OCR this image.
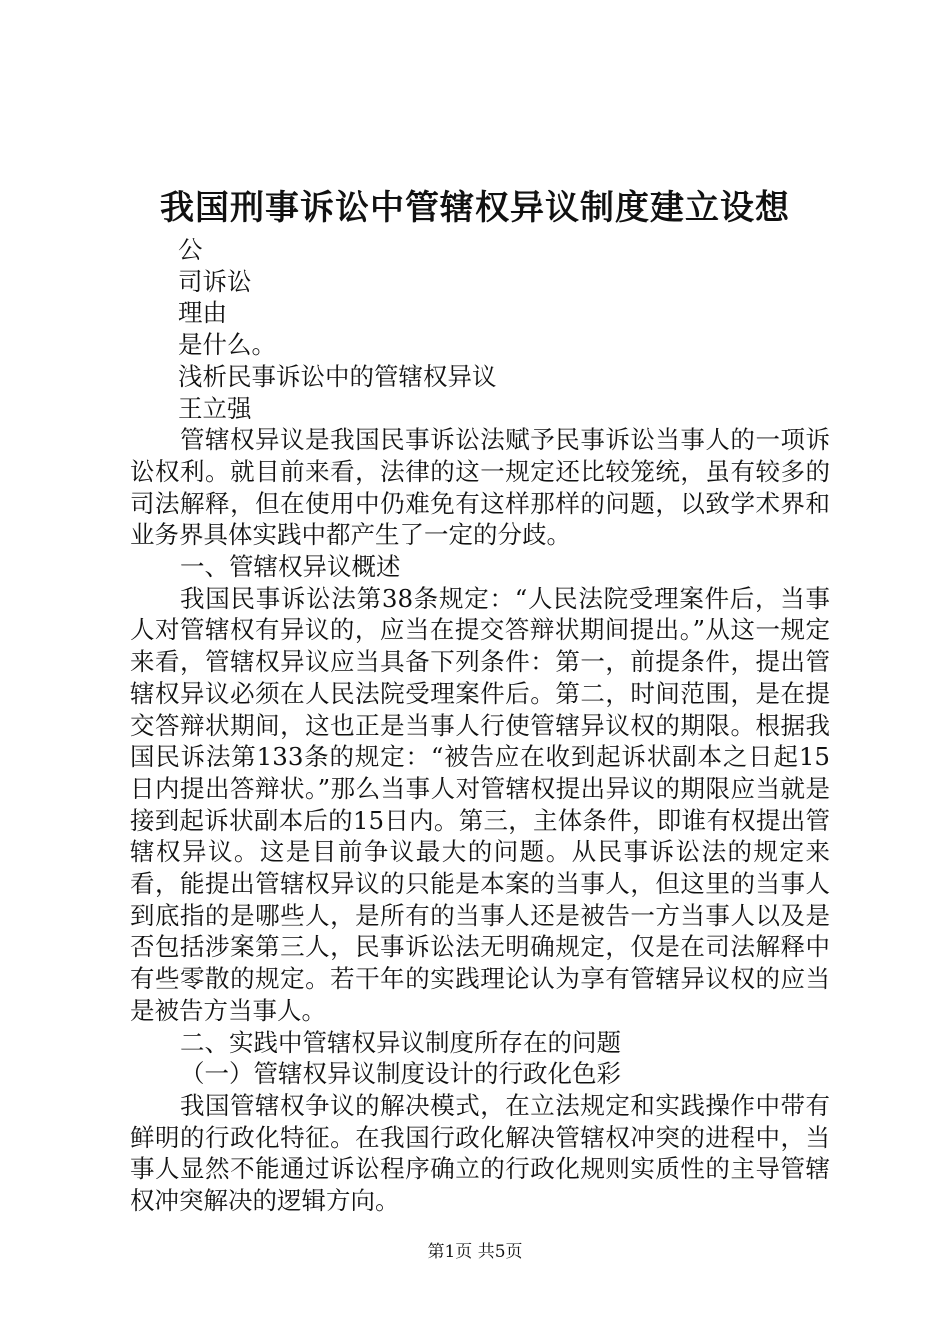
我国刑事诉讼中管辖权异议制度建立设想

公

司诉讼

理由

是什么。

浅析民事诉讼中的管辖权异议

王立强

管辖权异议是我国民事诉讼法赋予民事诉讼当事人的一项诉讼权利。就目前来看，法律的这一规定还比较笼统，虽有较多的司法解释，但在使用中仍难免有这样那样的问题，以致学术界和业务界具体实践中都产生了一定的分歧。

一、管辖权异议概述

我国民事诉讼法第38条规定：“人民法院受理案件后，当事人对管辖权有异议的，应当在提交答辩状期间提出。”从这一规定来看，管辖权异议应当具备下列条件：第一，前提条件，提出管辖权异议必须在人民法院受理案件后。第二，时间范围，是在提交答辩状期间，这也正是当事人行使管辖异议权的期限。根据我国民诉法第133条的规定：“被告应在收到起诉状副本之日起15日内提出答辩状。”那么当事人对管辖权提出异议的期限应当就是接到起诉状副本后的15日内。第三，主体条件，即谁有权提出管辖权异议。这是目前争议最大的问题。从民事诉讼法的规定来看，能提出管辖权异议的只能是本案的当事人，但这里的当事人到底指的是哪些人，是所有的当事人还是被告一方当事人以及是否包括涉案第三人，民事诉讼法无明确规定，仅是在司法解释中有些零散的规定。若干年的实践理论认为享有管辖异议权的应当是被告方当事人。

二、实践中管辖权异议制度所存在的问题

（一）管辖权异议制度设计的行政化色彩

我国管辖权争议的解决模式，在立法规定和实践操作中带有鲜明的行政化特征。在我国行政化解决管辖权冲突的进程中，当事人显然不能通过诉讼程序确立的行政化规则实质性的主导管辖权冲突解决的逻辑方向。

第1页 共5页
